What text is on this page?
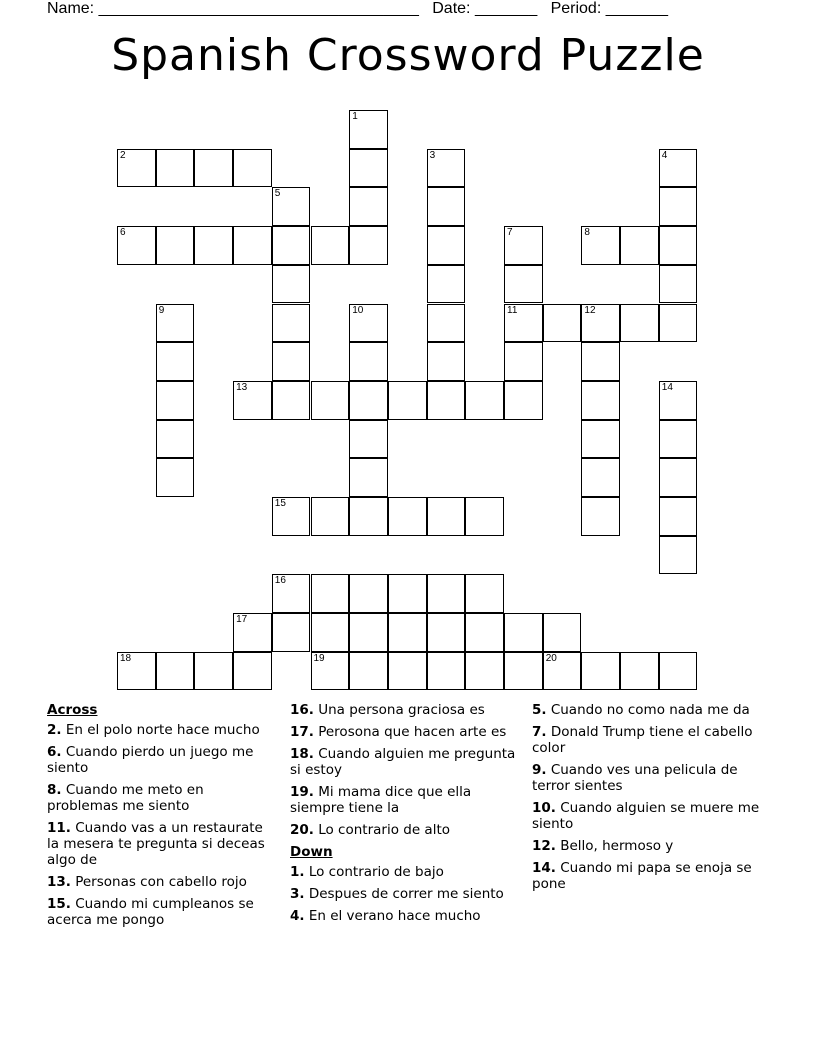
Name: ____________________________________   Date: _______   Period: _______
Spanish Crossword Puzzle
1
2	3	4
5
6	7
11
8
9	10	12
13	14
15
16
17
18	19	20
Across
2. En el polo norte hace mucho
6. Cuando pierdo un juego me siento
8. Cuando me meto en problemas me siento
11. Cuando vas a un restaurate la mesera te pregunta si deceas algo de
13. Personas con cabello rojo
15. Cuando mi cumpleanos se acerca me pongo
16. Una persona graciosa es
17. Perosona que hacen arte es
18. Cuando alguien me pregunta si estoy
19. Mi mama dice que ella siempre tiene la
20. Lo contrario de alto
Down
1. Lo contrario de bajo
3. Despues de correr me siento
4. En el verano hace mucho
5. Cuando no como nada me da
7. Donald Trump tiene el cabello color
9. Cuando ves una pelicula de terror sientes
10. Cuando alguien se muere me siento
12. Bello, hermoso y
14. Cuando mi papa se enoja se pone
